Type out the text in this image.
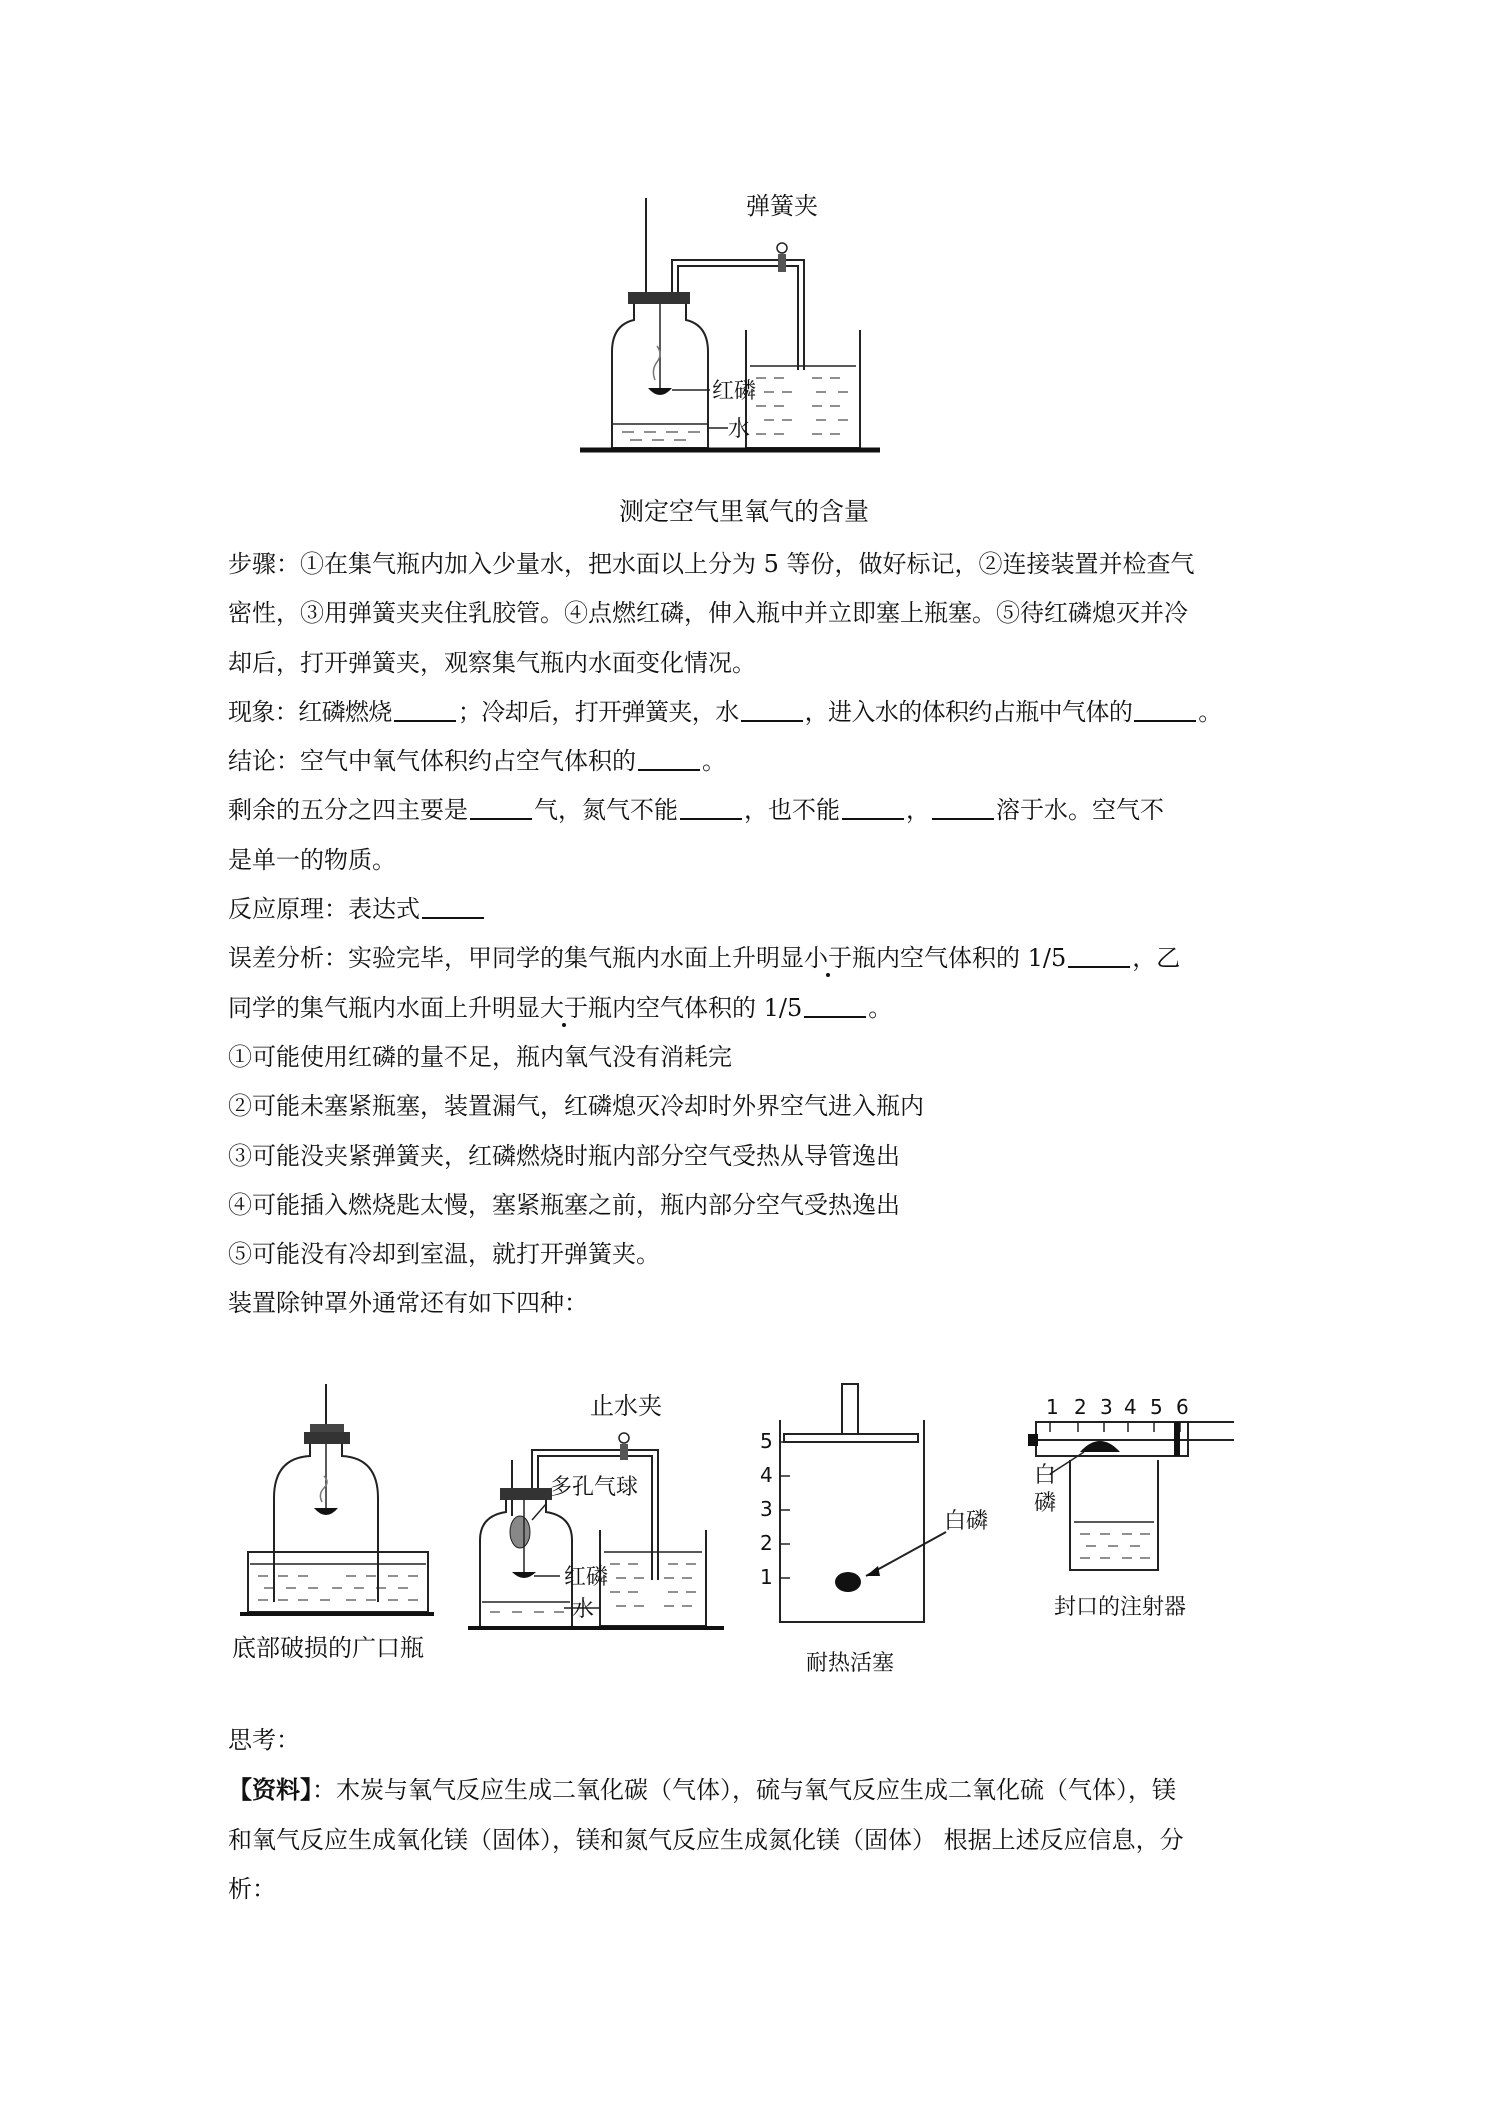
弹簧夹
红磷
水
测定空气里氧气的含量

步骤：①在集气瓶内加入少量水，把水面以上分为 5 等份，做好标记，②连接装置并检查气

密性，③用弹簧夹夹住乳胶管。④点燃红磷，伸入瓶中并立即塞上瓶塞。⑤待红磷熄灭并冷

却后，打开弹簧夹，观察集气瓶内水面变化情况。

现象：红磷燃烧	；冷却后，打开弹簧夹，水	，进入水的体积约占瓶中气体的	。

结论：空气中氧气体积约占空气体积的	。

剩余的五分之四主要是	气，氮气不能	，也不能	，	溶于水。空气不

是单一的物质。

反应原理：表达式

误差分析：实验完毕，甲同学的集气瓶内水面上升明显小于瓶内空气体积的 1/5	，乙

同学的集气瓶内水面上升明显大于瓶内空气体积的 1/5	。

①可能使用红磷的量不足，瓶内氧气没有消耗完

②可能未塞紧瓶塞，装置漏气，红磷熄灭冷却时外界空气进入瓶内

③可能没夹紧弹簧夹，红磷燃烧时瓶内部分空气受热从导管逸出

④可能插入燃烧匙太慢，塞紧瓶塞之前，瓶内部分空气受热逸出

⑤可能没有冷却到室温，就打开弹簧夹。

装置除钟罩外通常还有如下四种：

底部破损的广口瓶
止水夹
多孔气球
红磷
水
5
4
3
2
1
白磷
耐热活塞
1 2 3 4 5 6
白
磷
封口的注射器

思考：

【资料】：木炭与氧气反应生成二氧化碳（气体），硫与氧气反应生成二氧化硫（气体），镁

和氧气反应生成氧化镁（固体），镁和氮气反应生成氮化镁（固体） 根据上述反应信息，分

析：
